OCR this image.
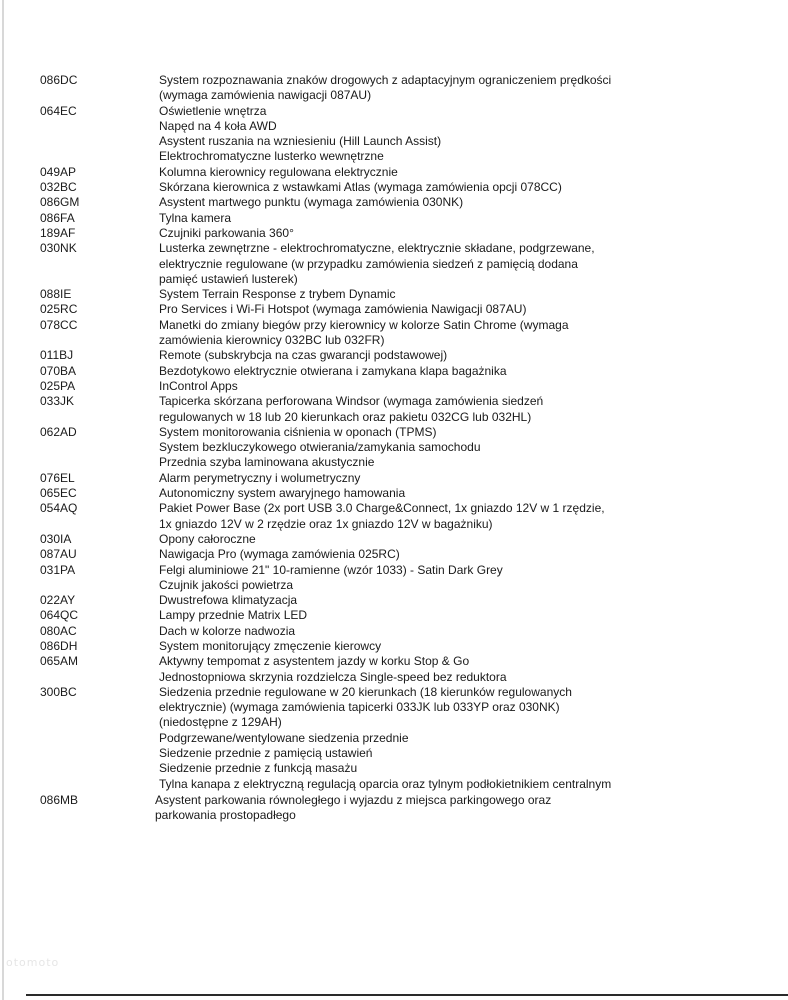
086DC	System rozpoznawania znaków drogowych z adaptacyjnym ograniczeniem prędkości
(wymaga zamówienia nawigacji 087AU)
064EC	Oświetlenie wnętrza
Napęd na 4 koła AWD
Asystent ruszania na wzniesieniu (Hill Launch Assist)
Elektrochromatyczne lusterko wewnętrzne
049AP	Kolumna kierownicy regulowana elektrycznie
032BC	Skórzana kierownica z wstawkami Atlas (wymaga zamówienia opcji 078CC)
086GM	Asystent martwego punktu (wymaga zamówienia 030NK)
086FA	Tylna kamera
189AF	Czujniki parkowania 360°
030NK	Lusterka zewnętrzne - elektrochromatyczne, elektrycznie składane, podgrzewane,
elektrycznie regulowane (w przypadku zamówienia siedzeń z pamięcią dodana
pamięć ustawień lusterek)
088IE	System Terrain Response z trybem Dynamic
025RC	Pro Services i Wi-Fi Hotspot (wymaga zamówienia Nawigacji 087AU)
078CC	Manetki do zmiany biegów przy kierownicy w kolorze Satin Chrome (wymaga
zamówienia kierownicy 032BC lub 032FR)
011BJ	Remote (subskrybcja na czas gwarancji podstawowej)
070BA	Bezdotykowo elektrycznie otwierana i zamykana klapa bagażnika
025PA	InControl Apps
033JK	Tapicerka skórzana perforowana Windsor (wymaga zamówienia siedzeń
regulowanych w 18 lub 20 kierunkach oraz pakietu 032CG lub 032HL)
062AD	System monitorowania ciśnienia w oponach (TPMS)
System bezkluczykowego otwierania/zamykania samochodu
Przednia szyba laminowana akustycznie
076EL	Alarm perymetryczny i wolumetryczny
065EC	Autonomiczny system awaryjnego hamowania
054AQ	Pakiet Power Base (2x port USB 3.0 Charge&Connect, 1x gniazdo 12V w 1 rzędzie,
1x gniazdo 12V w 2 rzędzie oraz 1x gniazdo 12V w bagażniku)
030IA	Opony całoroczne
087AU	Nawigacja Pro (wymaga zamówienia 025RC)
031PA	Felgi aluminiowe 21" 10-ramienne (wzór 1033) - Satin Dark Grey
Czujnik jakości powietrza
022AY	Dwustrefowa klimatyzacja
064QC	Lampy przednie Matrix LED
080AC	Dach w kolorze nadwozia
086DH	System monitorujący zmęczenie kierowcy
065AM	Aktywny tempomat z asystentem jazdy w korku Stop & Go
Jednostopniowa skrzynia rozdzielcza Single-speed bez reduktora
300BC	Siedzenia przednie regulowane w 20 kierunkach (18 kierunków regulowanych
elektrycznie) (wymaga zamówienia tapicerki 033JK lub 033YP oraz 030NK)
(niedostępne z 129AH)
Podgrzewane/wentylowane siedzenia przednie
Siedzenie przednie z pamięcią ustawień
Siedzenie przednie z funkcją masażu
Tylna kanapa z elektryczną regulacją oparcia oraz tylnym podłokietnikiem centralnym
086MB	Asystent parkowania równoległego i wyjazdu z miejsca parkingowego oraz
parkowania prostopadłego
otomoto
